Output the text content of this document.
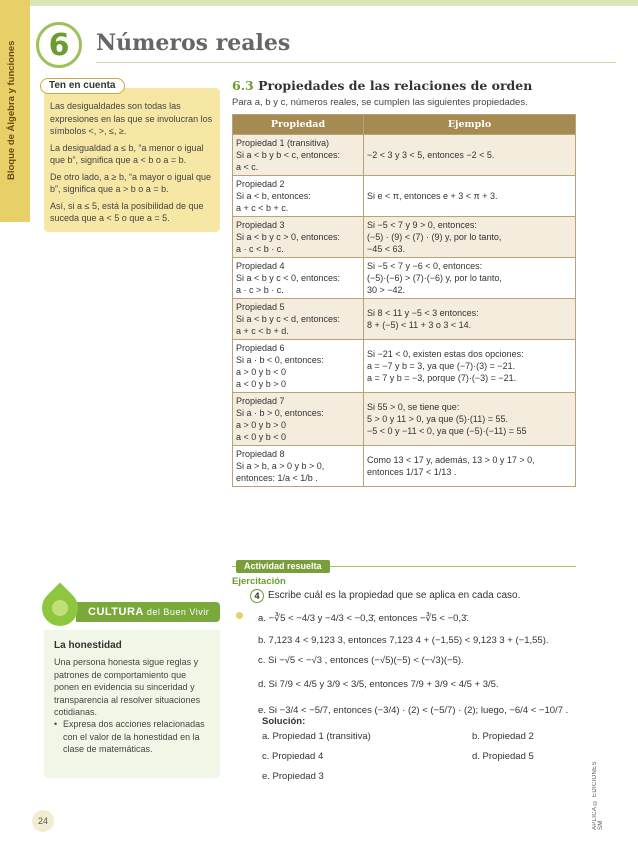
Bloque de Álgebra y funciones	6	Números reales
Ten en cuenta

Las desigualdades son todas las expresiones en las que se involucran los símbolos <, >, ≤, ≥.

La desigualdad a ≤ b, “a menor o igual que b”, significa que a < b o a = b.

De otro lado, a ≥ b, “a mayor o igual que b”, significa que a > b o a = b.

Así, si a ≤ 5, está la posibilidad de que suceda que a < 5 o que a = 5.

6.3 Propiedades de las relaciones de orden
Para a, b y c, números reales, se cumplen las siguientes propiedades.
Propiedad	Ejemplo

Propiedad 1 (transitiva)
Si a < b y b < c, entonces:
a < c.	−2 < 3 y 3 < 5, entonces −2 < 5.

Propiedad 2
Si a < b, entonces:
a + c < b + c.	Si e < π, entonces e + 3 < π + 3.

Propiedad 3
Si a < b y c > 0, entonces:
a · c < b · c.	Si −5 < 7 y 9 > 0, entonces:
(−5) · (9) < (7) · (9) y, por lo tanto,
−45 < 63.

Propiedad 4
Si a < b y c < 0, entonces:
a · c > b · c.	Si −5 < 7 y −6 < 0, entonces:
(−5)·(−6) > (7)·(−6) y, por lo tanto,
30 > −42.

Propiedad 5
Si a < b y c < d, entonces:
a + c < b + d.	Si 8 < 11 y −5 < 3 entonces:
8 + (−5) < 11 + 3 o 3 < 14.

Propiedad 6
Si a · b < 0, entonces:
a > 0 y b < 0
a < 0 y b > 0	Si −21 < 0, existen estas dos opciones:
a = −7 y b = 3, ya que (−7)·(3) = −21.
a = 7 y b = −3, porque (7)·(−3) = −21.

Propiedad 7
Si a · b > 0, entonces:
a > 0 y b > 0
a < 0 y b < 0	Si 55 > 0, se tiene que:
5 > 0 y 11 > 0, ya que (5)·(11) = 55.
−5 < 0 y −11 < 0, ya que (−5)·(−11) = 55

Propiedad 8
Si a > b, a > 0 y b > 0,
entonces: 1/a < 1/b .	Como 13 < 17 y, además, 13 > 0 y 17 > 0,
entonces 1/17 < 1/13 .
Actividad resuelta
Ejercitación
4 Escribe cuál es la propiedad que se aplica en cada caso.
a. −∛5 < −4/3 y −4/3 < −0,3̄, entonces −∛5 < −0,3̄.
b. 7,123 4 < 9,123 3, entonces 7,123 4 + (−1,55) < 9,123 3 + (−1,55).
c. Si −√5 < −√3 , entonces (−√5)(−5) < (−√3)(−5).
d. Si 7/9 < 4/5 y 3/9 < 3/5, entonces 7/9 + 3/9 < 4/5 + 3/5.
e. Si −3/4 < −5/7, entonces (−3/4) · (2) < (−5/7) · (2); luego, −6/4 < −10/7 .
Solución:
a. Propiedad 1 (transitiva)	b. Propiedad 2
c. Propiedad 4	d. Propiedad 5
e. Propiedad 3
CULTURA del Buen Vivir
La honestidad
Una persona honesta sigue reglas y patrones de comportamiento que ponen en evidencia su sinceridad y transparencia al resolver situaciones cotidianas.
• Expresa dos acciones relacionadas con el valor de la honestidad en la clase de matemáticas.
24	APLICA © EDICIONES SM
